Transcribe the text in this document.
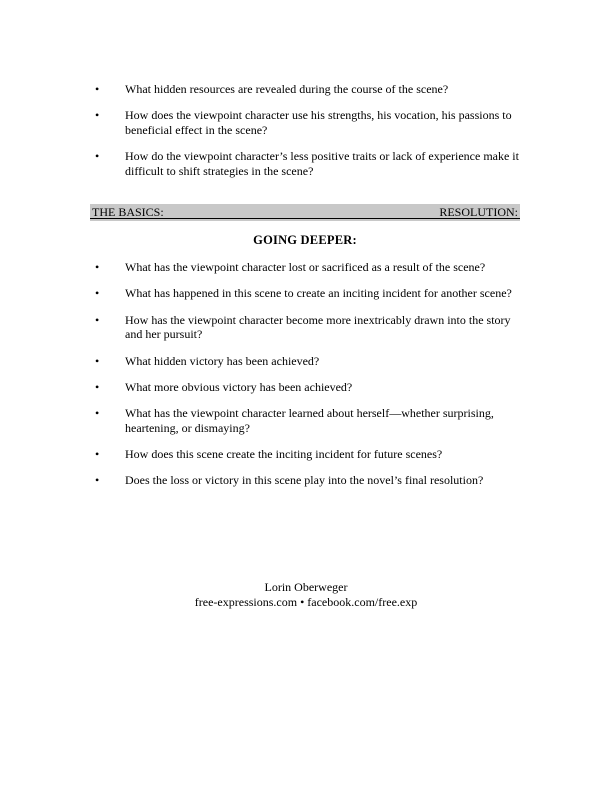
•	What hidden resources are revealed during the course of the scene?
•	How does the viewpoint character use his strengths, his vocation, his passions to beneficial effect in the scene?
•	How do the viewpoint character’s less positive traits or lack of experience make it difficult to shift strategies in the scene?
THE BASICS:	RESOLUTION:
GOING DEEPER:
•	What has the viewpoint character lost or sacrificed as a result of the scene?
•	What has happened in this scene to create an inciting incident for another scene?
•	How has the viewpoint character become more inextricably drawn into the story and her pursuit?
•	What hidden victory has been achieved?
•	What more obvious victory has been achieved?
•	What has the viewpoint character learned about herself—whether surprising, heartening, or dismaying?
•	How does this scene create the inciting incident for future scenes?
•	Does the loss or victory in this scene play into the novel’s final resolution?
Lorin Oberweger
free-expressions.com • facebook.com/free.exp
